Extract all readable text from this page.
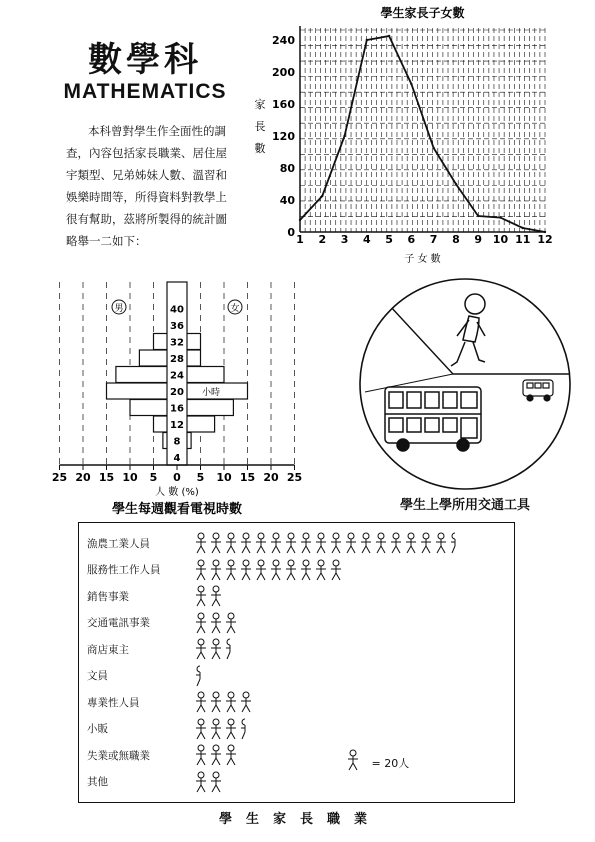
數學科
MATHEMATICS
本科曾對學生作全面性的調查，內容包括家長職業、居住屋宇類型、兄弟姊妹人數、溫習和娛樂時間等，所得資料對教學上很有幫助，茲將所製得的統計圖略舉一二如下：
學生家長子女數
0
40
80
120
160
200
240
1 2 3 4 5 6 7 8 9 10 11 12
家
長
數
子 女 數
4
8
12
16
20
24
28
32
36
40
小時
男	女
25 20 15 10 5 0 5 10 15 20 25
人 數 (%)
學生每週觀看電視時數	學生上學所用交通工具
漁農工業人員
服務性工作人員
銷售事業
交通電訊事業
商店東主
文員
專業性人員
小販
失業或無職業
其他
= 20人
學生家長職業
